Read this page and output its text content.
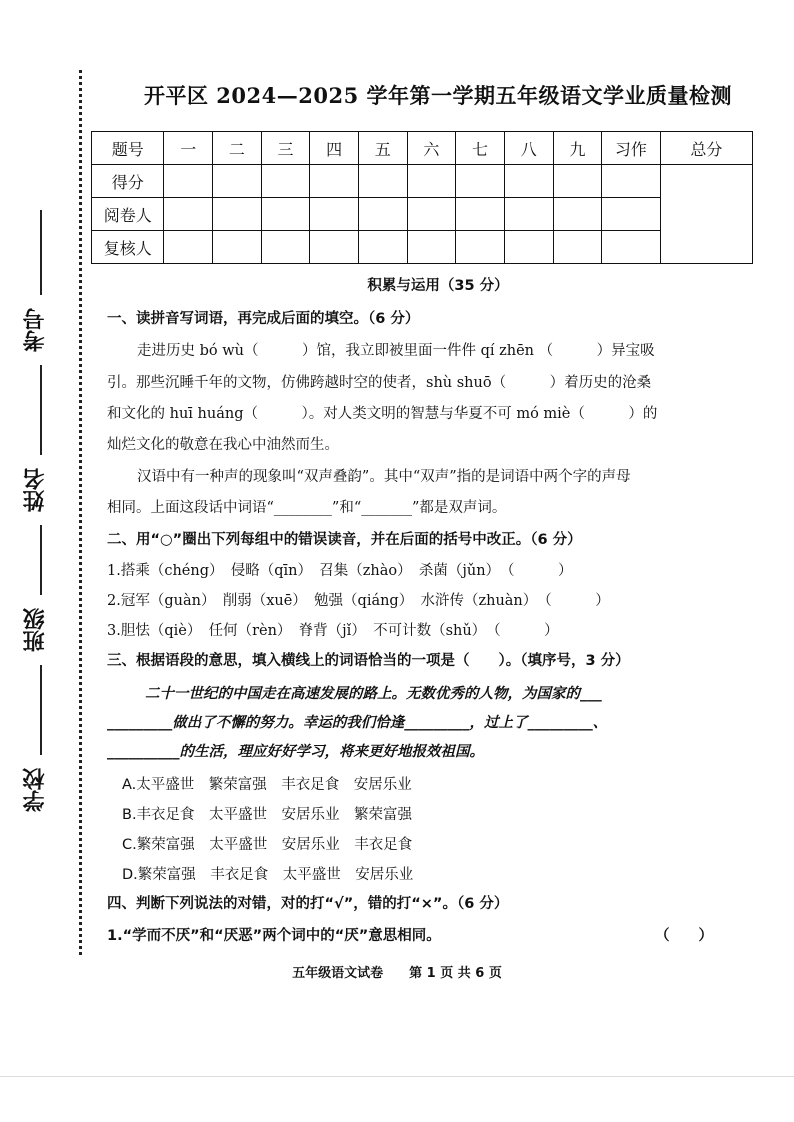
考号
姓名
班级
学校
开平区 2024—2025 学年第一学期五年级语文学业质量检测
题号	一	二	三	四	五	六	七	八	九	习作	总分
得分											
阅卷人											
复核人											
积累与运用（35 分）
一、读拼音写词语，再完成后面的填空。（6 分）
走进历史 bó wù（　　　）馆，我立即被里面一件件 qí zhēn （　　　）异宝吸
引。那些沉睡千年的文物，仿佛跨越时空的使者，shù shuō（　　　）着历史的沧桑
和文化的 huī huáng（　　　）。对人类文明的智慧与华夏不可 mó miè（　　　）的
灿烂文化的敬意在我心中油然而生。
汉语中有一种声的现象叫“双声叠韵”。其中“双声”指的是词语中两个字的声母
相同。上面这段话中词语“________”和“_______”都是双声词。
二、用“○”圈出下列每组中的错误读音，并在后面的括号中改正。（6 分）
1.搭乘（chéng）　侵略（qīn）　召集（zhào）　杀菌（jǔn）　（　　　）
2.冠军（guàn）　削弱（xuē）　勉强（qiáng）　水浒传（zhuàn）　（　　　）
3.胆怯（qiè）　任何（rèn）　脊背（jǐ）　不可计数（shǔ）　（　　　）
三、根据语段的意思，填入横线上的词语恰当的一项是（　　）。（填序号，3 分）
二十一世纪的中国走在高速发展的路上。无数优秀的人物，为国家的___
_________做出了不懈的努力。幸运的我们恰逢_________，过上了_________、
__________的生活，理应好好学习，将来更好地报效祖国。
A.太平盛世　繁荣富强　丰衣足食　安居乐业
B.丰衣足食　太平盛世　安居乐业　繁荣富强
C.繁荣富强　太平盛世　安居乐业　丰衣足食
D.繁荣富强　丰衣足食　太平盛世　安居乐业
四、判断下列说法的对错，对的打“√”，错的打“×”。（6 分）
1.“学而不厌”和“厌恶”两个词中的“厌”意思相同。	（　　）
五年级语文试卷　　第 1 页 共 6 页
